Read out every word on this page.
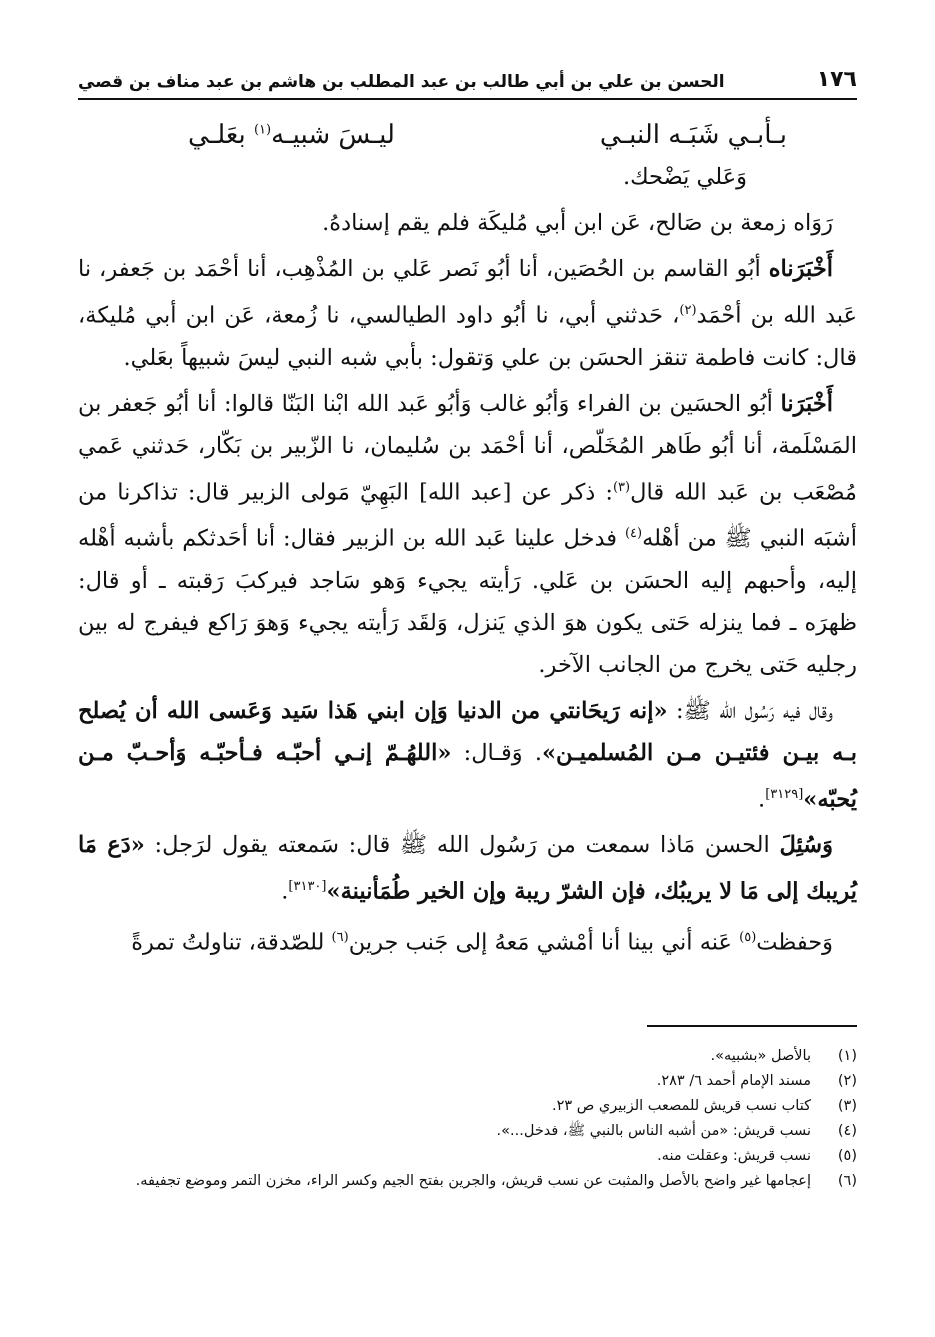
١٧٦
الحسن بن علي بن أبي طالب بن عبد المطلب بن هاشم بن عبد مناف بن قصي
بـأبـي شَبَـه النبـي
ليـسَ شبيـه$^{(١)}$ بعَلـي

وَعَلي يَضْحك.

رَوَاه زمعة بن صَالح، عَن ابن أبي مُليكَة فلم يقم إسنادهُ.

أَخْبَرَناه أبُو القاسم بن الحُصَين، أنا أبُو نَصر عَلي بن المُذْهِب، أنا أحْمَد بن جَعفر، نا عَبد الله بن أحْمَد$^{(٢)}$، حَدثني أبي، نا أبُو داود الطيالسي، نا زُمعة، عَن ابن أبي مُليكة، قال: كانت فاطمة تنقز الحسَن بن علي وَتقول: بأبي شبه النبي ليسَ شبيهاً بعَلي.

أَخْبَرَنا أبُو الحسَين بن الفراء وَأبُو غالب وَأبُو عَبد الله ابْنا البَنّا قالوا: أنا أبُو جَعفر بن المَسْلَمة، أنا أبُو طَاهر المُخَلّص، أنا أحْمَد بن سُليمان، نا الزّبير بن بَكّار، حَدثني عَمي مُصْعَب بن عَبد الله قال$^{(٣)}$: ذكر عن [عبد الله] البَهِيّ مَولى الزبير قال: تذاكرنا من أشبَه النبي ﷺ من أهْله$^{(٤)}$ فدخل علينا عَبد الله بن الزبير فقال: أنا أحَدثكم بأشبه أهْله إليه، وأحبهم إليه الحسَن بن عَلي. رَأيته يجيء وَهو سَاجد فيركبَ رَقبته ـ أو قال: ظهرَه ـ فما ينزله حَتى يكون هوَ الذي يَنزل، وَلقَد رَأيته يجيء وَهوَ رَاكع فيفرج له بين رجليه حَتى يخرج من الجانب الآخر.

وقال فيه رَسُول الله ﷺ: «إنه رَيحَانتي من الدنيا وَإن ابني هَذا سَيد وَعَسى الله أن يُصلح بـه بيـن فئتيـن مـن المُسلميـن». وَقـال: «اللهُـمّ إنـي أحبّـه فـأحبّـه وَأحـبّ مـن يُحبّه»[٣١٢٩].

وَسُئِلَ الحسن مَاذا سمعت من رَسُول الله ﷺ قال: سَمعته يقول لرَجل: «دَع مَا يُريبك إلى مَا لا يريبُك، فإن الشرّ ريبة وإن الخير طُمَأنينة»[٣١٣٠].

وَحفظت$^{(٥)}$ عَنه أني بينا أنا أمْشي مَعهُ إلى جَنب جرين$^{(٦)}$ للصّدقة، تناولتُ تمرةً

(١)
بالأصل «بشبيه».
(٢)
مسند الإمام أحمد ٦/ ٢٨٣.
(٣)
كتاب نسب قريش للمصعب الزبيري ص ٢٣.
(٤)
نسب قريش: «من أشبه الناس بالنبي ﷺ، فدخل...».
(٥)
نسب قريش: وعقلت منه.
(٦)
إعجامها غير واضح بالأصل والمثبت عن نسب قريش، والجرين بفتح الجيم وكسر الراء، مخزن التمر وموضع تجفيفه.
